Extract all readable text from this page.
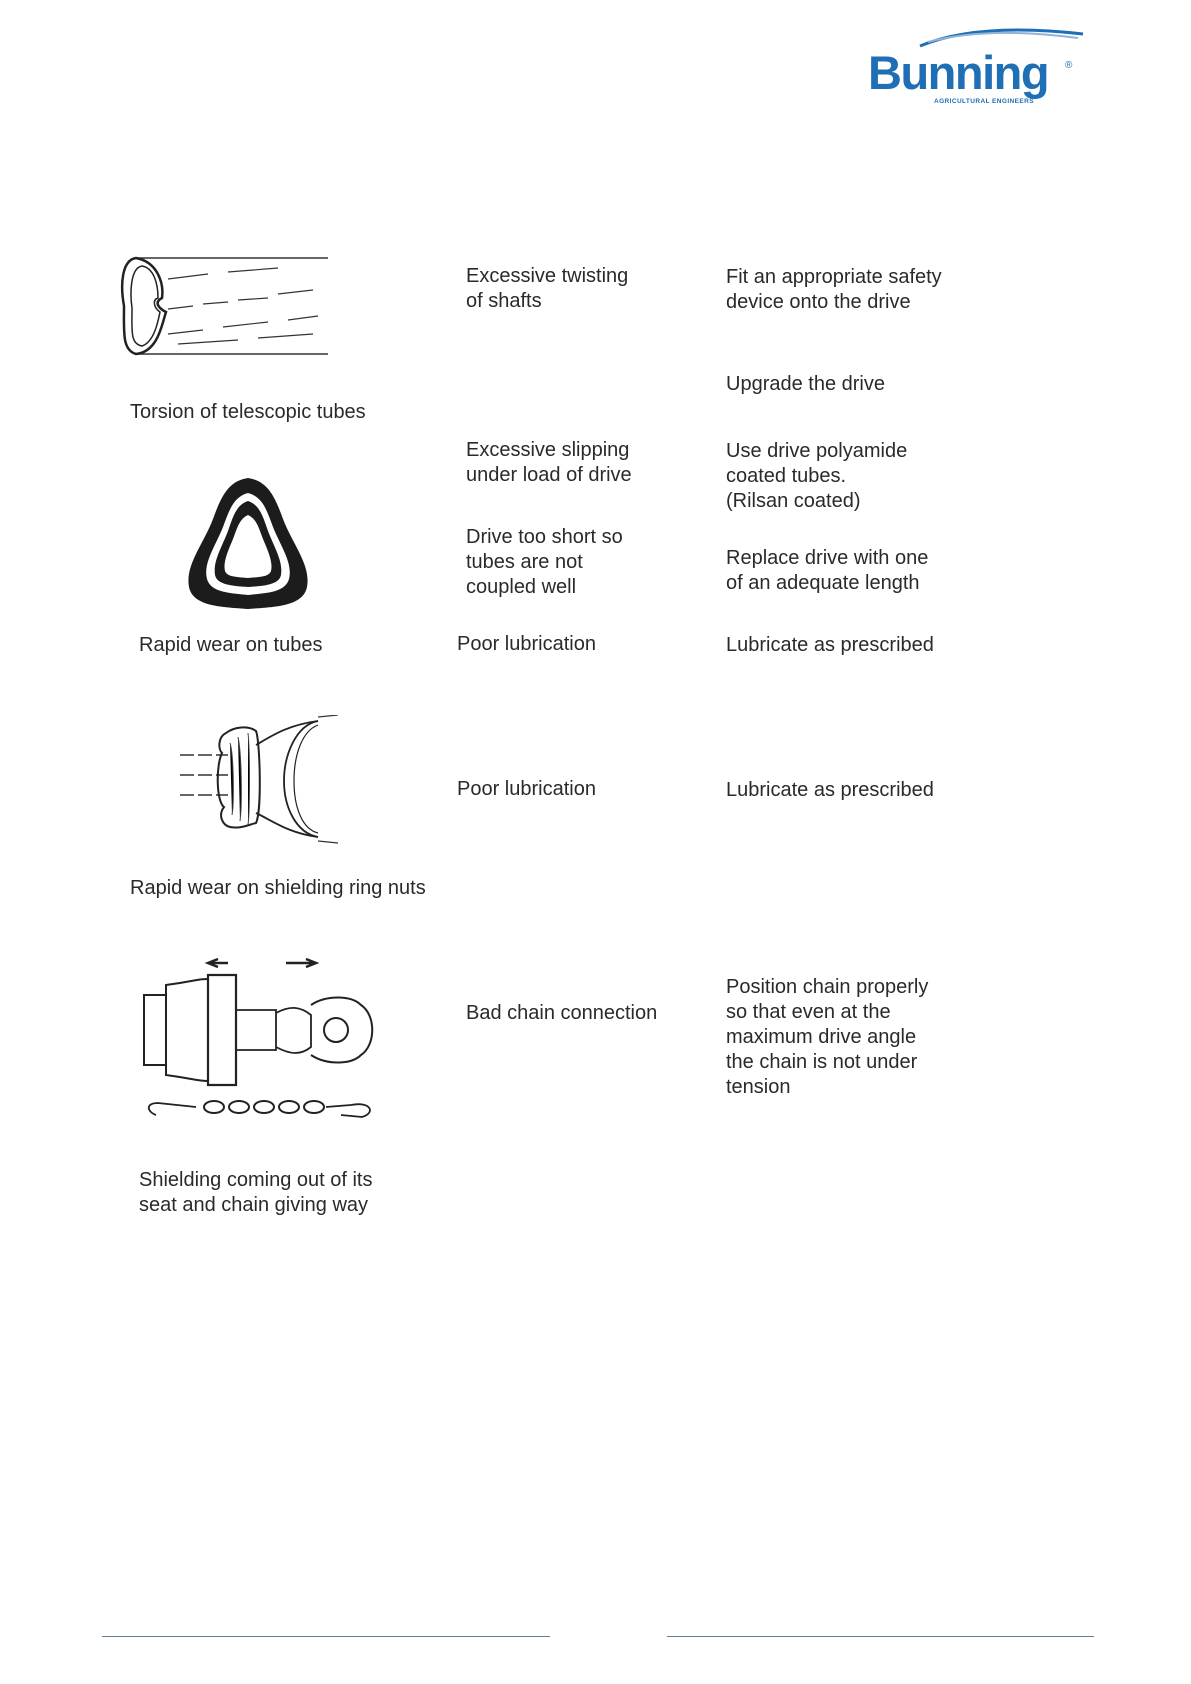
Bunning ®
AGRICULTURAL ENGINEERS
Torsion of telescopic tubes
Excessive twisting
of shafts
Fit an appropriate safety
device onto the drive
Upgrade the drive
Rapid wear on tubes
Excessive slipping
under load of drive
Use drive polyamide
coated tubes.
(Rilsan coated)
Drive too short so
tubes are not
coupled well
Replace drive with one
of an adequate length
Poor lubrication	Lubricate as prescribed
Rapid wear on shielding ring nuts
Poor lubrication	Lubricate as prescribed
Shielding coming out of its
seat and chain giving way
Bad chain connection
Position chain properly
so that even at the
maximum drive angle
the chain is not under
tension
